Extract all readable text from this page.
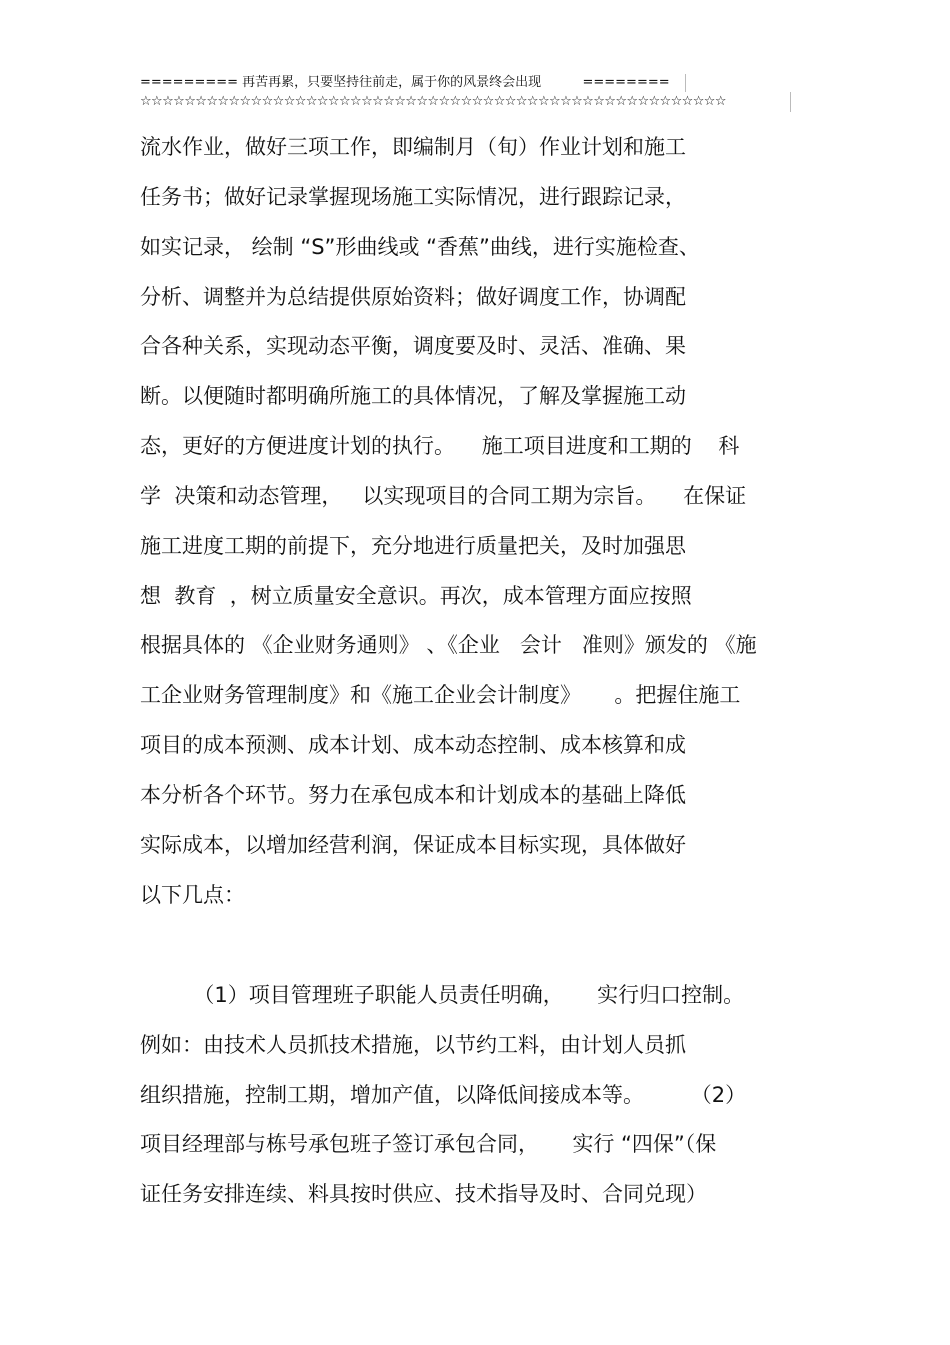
========= 再苦再累，只要坚持往前走，属于你的风景终会出现          ========
☆☆☆☆☆☆☆☆☆☆☆☆☆☆☆☆☆☆☆☆☆☆☆☆☆☆☆☆☆☆☆☆☆☆☆☆☆☆☆☆☆☆☆☆☆☆☆☆☆☆☆☆☆
流水作业，做好三项工作，即编制月（旬）作业计划和施工
任务书；做好记录掌握现场施工实际情况，进行跟踪记录，
如实记录， 绘制 “S”形曲线或 “香蕉”曲线，进行实施检查、
分析、调整并为总结提供原始资料；做好调度工作，协调配
合各种关系，实现动态平衡，调度要及时、灵活、准确、果
断。以便随时都明确所施工的具体情况，了解及掌握施工动
态，更好的方便进度计划的执行。    施工项目进度和工期的    科
学  决策和动态管理，   以实现项目的合同工期为宗旨。    在保证
施工进度工期的前提下，充分地进行质量把关，及时加强思
想  教育  ，树立质量安全意识。再次，成本管理方面应按照
根据具体的 《企业财务通则》 、《企业   会计   准则》颁发的 《施
工企业财务管理制度》和《施工企业会计制度》     。把握住施工
项目的成本预测、成本计划、成本动态控制、成本核算和成
本分析各个环节。努力在承包成本和计划成本的基础上降低
实际成本，以增加经营利润，保证成本目标实现，具体做好
以下几点：
（1）项目管理班子职能人员责任明确，     实行归口控制。
例如：由技术人员抓技术措施，以节约工料，由计划人员抓
组织措施，控制工期，增加产值，以降低间接成本等。       （2）
项目经理部与栋号承包班子签订承包合同，     实行 “四保”（保
证任务安排连续、料具按时供应、技术指导及时、合同兑现）
